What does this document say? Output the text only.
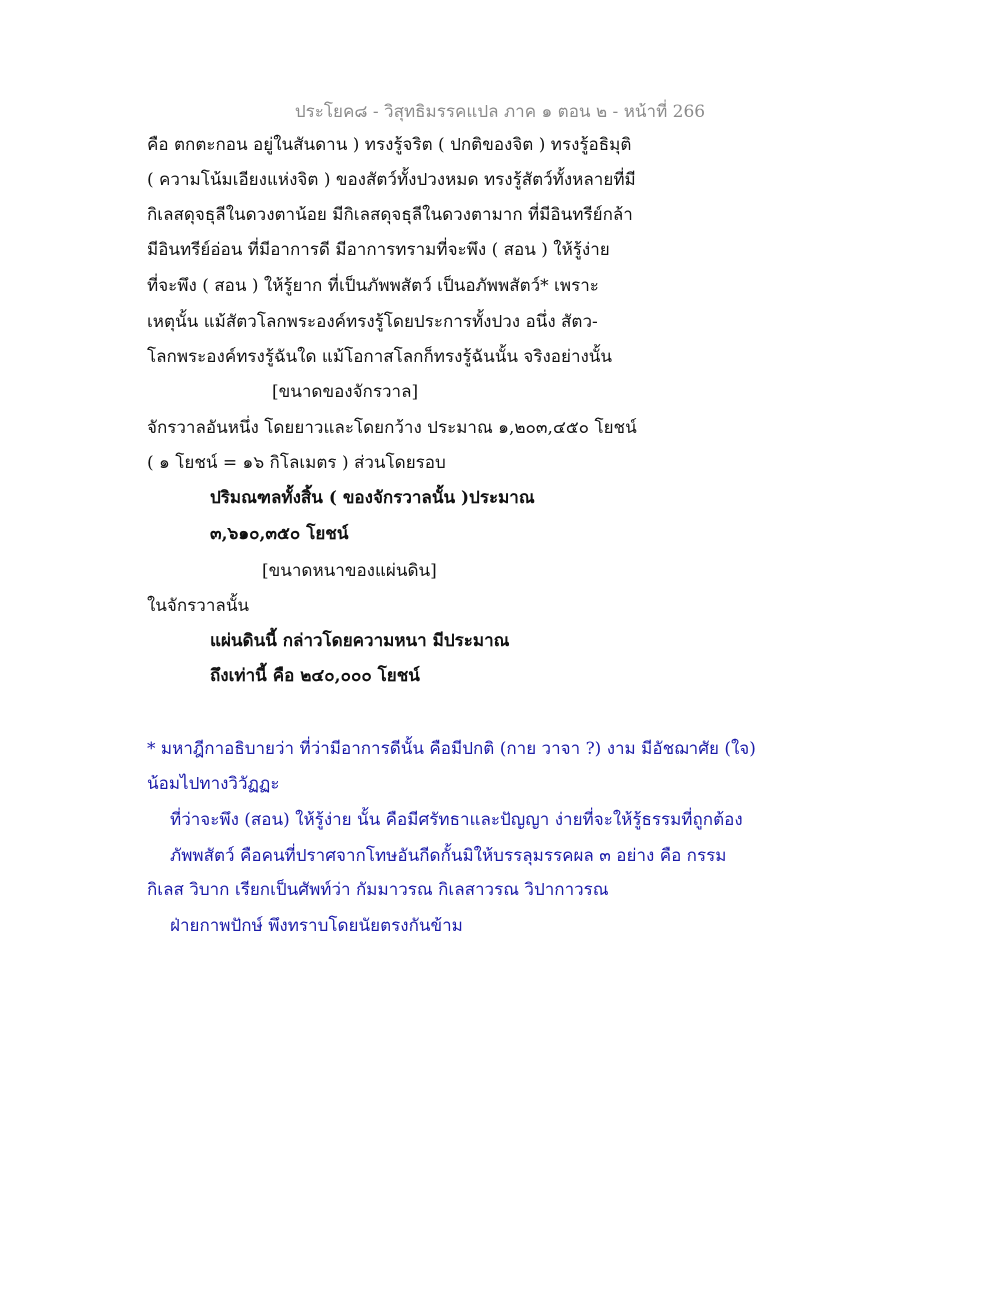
ประโยค๘ - วิสุทธิมรรคแปล ภาค ๑ ตอน ๒ - หน้าที่ 266
คือ ตกตะกอน อยู่ในสันดาน ) ทรงรู้จริต ( ปกติของจิต ) ทรงรู้อธิมุติ
( ความโน้มเอียงแห่งจิต ) ของสัตว์ทั้งปวงหมด ทรงรู้สัตว์ทั้งหลายที่มี
กิเลสดุจธุลีในดวงตาน้อย มีกิเลสดุจธุลีในดวงตามาก ที่มีอินทรีย์กล้า
มีอินทรีย์อ่อน ที่มีอาการดี มีอาการทรามที่จะพึง ( สอน ) ให้รู้ง่าย
ที่จะพึง ( สอน ) ให้รู้ยาก ที่เป็นภัพพสัตว์ เป็นอภัพพสัตว์* เพราะ
เหตุนั้น แม้สัตวโลกพระองค์ทรงรู้โดยประการทั้งปวง อนึ่ง สัตว-
โลกพระองค์ทรงรู้ฉันใด แม้โอกาสโลกก็ทรงรู้ฉันนั้น จริงอย่างนั้น
[ขนาดของจักรวาล]
จักรวาลอันหนึ่ง โดยยาวและโดยกว้าง ประมาณ ๑,๒๐๓,๔๕๐ โยชน์
( ๑ โยชน์ = ๑๖ กิโลเมตร ) ส่วนโดยรอบ
ปริมณฑลทั้งสิ้น ( ของจักรวาลนั้น )ประมาณ
๓,๖๑๐,๓๕๐ โยชน์
[ขนาดหนาของแผ่นดิน]
ในจักรวาลนั้น
แผ่นดินนี้ กล่าวโดยความหนา มีประมาณ
ถึงเท่านี้ คือ ๒๔๐,๐๐๐ โยชน์
* มหาฎีกาอธิบายว่า ที่ว่ามีอาการดีนั้น คือมีปกติ (กาย วาจา ?) งาม มีอัชฌาศัย (ใจ)
น้อมไปทางวิวัฏฏะ
ที่ว่าจะพึง (สอน) ให้รู้ง่าย นั้น คือมีศรัทธาและปัญญา ง่ายที่จะให้รู้ธรรมที่ถูกต้อง
ภัพพสัตว์ คือคนที่ปราศจากโทษอันกีดกั้นมิให้บรรลุมรรคผล ๓ อย่าง คือ กรรม
กิเลส วิบาก เรียกเป็นศัพท์ว่า กัมมาวรณ กิเลสาวรณ วิปากาวรณ
ฝ่ายกาพปักษ์ พึงทราบโดยนัยตรงกันข้าม
